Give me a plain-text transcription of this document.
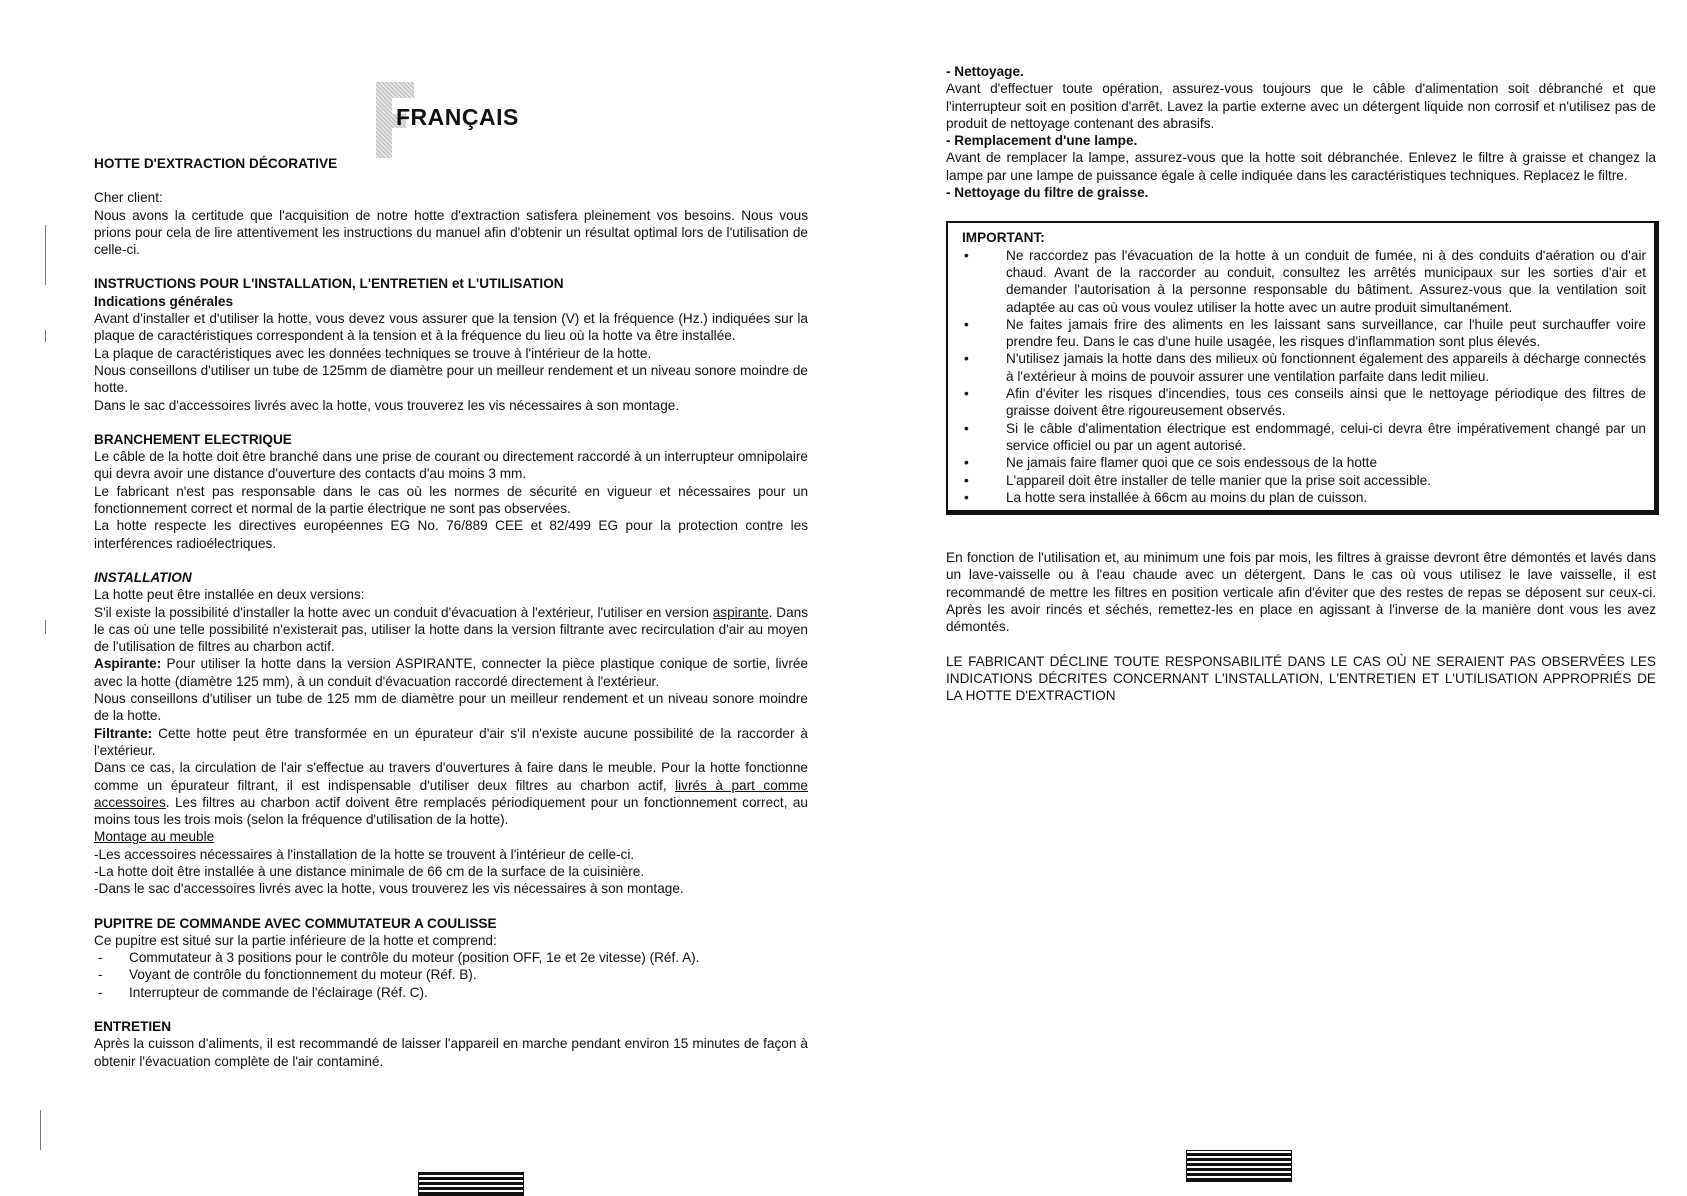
FRANÇAIS

HOTTE D'EXTRACTION DÉCORATIVE

Cher client:

Nous avons la certitude que l'acquisition de notre hotte d'extraction satisfera pleinement vos besoins. Nous vous prions pour cela de lire attentivement les instructions du manuel afin d'obtenir un résultat optimal lors de l'utilisation de celle-ci.

INSTRUCTIONS POUR L'INSTALLATION, L'ENTRETIEN et L'UTILISATION

Indications générales

Avant d'installer et d'utiliser la hotte, vous devez vous assurer que la tension (V) et la fréquence (Hz.) indiquées sur la plaque de caractéristiques correspondent à la tension et à la fréquence du lieu où la hotte va être installée.

La plaque de caractéristiques avec les données techniques se trouve à l'intérieur de la hotte.

Nous conseillons d'utiliser un tube de 125mm de diamètre pour un meilleur rendement et un niveau sonore moindre de hotte.

Dans le sac d'accessoires livrés avec la hotte, vous trouverez les vis nécessaires à son montage.

BRANCHEMENT ELECTRIQUE

Le câble de la hotte doit être branché dans une prise de courant ou directement raccordé à un interrupteur omnipolaire qui devra avoir une distance d'ouverture des contacts d'au moins 3 mm.

Le fabricant n'est pas responsable dans le cas où les normes de sécurité en vigueur et nécessaires pour un fonctionnement correct et normal de la partie électrique ne sont pas observées.

La hotte respecte les directives européennes EG No. 76/889 CEE et 82/499 EG pour la protection contre les interférences radioélectriques.

INSTALLATION

La hotte peut être installée en deux versions:

S'il existe la possibilité d'installer la hotte avec un conduit d'évacuation à l'extérieur, l'utiliser en version aspirante. Dans le cas où une telle possibilité n'existerait pas, utiliser la hotte dans la version filtrante avec recirculation d'air au moyen de l'utilisation de filtres au charbon actif.

Aspirante: Pour utiliser la hotte dans la version ASPIRANTE, connecter la pièce plastique conique de sortie, livrée avec la hotte (diamètre 125 mm), à un conduit d'évacuation raccordé directement à l'extérieur.

Nous conseillons d'utiliser un tube de 125 mm de diamètre pour un meilleur rendement et un niveau sonore moindre de la hotte.

Filtrante: Cette hotte peut être transformée en un épurateur d'air s'il n'existe aucune possibilité de la raccorder à l'extérieur.

Dans ce cas, la circulation de l'air s'effectue au travers d'ouvertures à faire dans le meuble. Pour la hotte fonctionne comme un épurateur filtrant, il est indispensable d'utiliser deux filtres au charbon actif, livrés à part comme accessoires. Les filtres au charbon actif doivent être remplacés périodiquement pour un fonctionnement correct, au moins tous les trois mois (selon la fréquence d'utilisation de la hotte).

Montage au meuble

-Les accessoires nécessaires à l'installation de la hotte se trouvent à l'intérieur de celle-ci.

-La hotte doit être installée à une distance minimale de 66 cm de la surface de la cuisinière.

-Dans le sac d'accessoires livrés avec la hotte, vous trouverez les vis nécessaires à son montage.

PUPITRE DE COMMANDE AVEC COMMUTATEUR A COULISSE

Ce pupitre est situé sur la partie inférieure de la hotte et comprend:

- Commutateur à 3 positions pour le contrôle du moteur (position OFF, 1e et 2e vitesse) (Réf. A).
- Voyant de contrôle du fonctionnement du moteur (Réf. B).
- Interrupteur de commande de l'éclairage (Réf. C).

ENTRETIEN

Après la cuisson d'aliments, il est recommandé de laisser l'appareil en marche pendant environ 15 minutes de façon à obtenir l'évacuation complète de l'air contaminé.

- Nettoyage.

Avant d'effectuer toute opération, assurez-vous toujours que le câble d'alimentation soit débranché et que l'interrupteur soit en position d'arrêt. Lavez la partie externe avec un détergent liquide non corrosif et n'utilisez pas de produit de nettoyage contenant des abrasifs.

- Remplacement d'une lampe.

Avant de remplacer la lampe, assurez-vous que la hotte soit débranchée. Enlevez le filtre à graisse et changez la lampe par une lampe de puissance égale à celle indiquée dans les caractéristiques techniques. Replacez le filtre.

- Nettoyage du filtre de graisse.

IMPORTANT:

• Ne raccordez pas l'évacuation de la hotte à un conduit de fumée, ni à des conduits d'aération ou d'air chaud. Avant de la raccorder au conduit, consultez les arrêtés municipaux sur les sorties d'air et demander l'autorisation à la personne responsable du bâtiment. Assurez-vous que la ventilation soit adaptée au cas où vous voulez utiliser la hotte avec un autre produit simultanément.
• Ne faites jamais frire des aliments en les laissant sans surveillance, car l'huile peut surchauffer voire prendre feu. Dans le cas d'une huile usagée, les risques d'inflammation sont plus élevés.
• N'utilisez jamais la hotte dans des milieux où fonctionnent également des appareils à décharge connectés à l'extérieur à moins de pouvoir assurer une ventilation parfaite dans ledit milieu.
• Afin d'éviter les risques d'incendies, tous ces conseils ainsi que le nettoyage périodique des filtres de graisse doivent être rigoureusement observés.
• Si le câble d'alimentation électrique est endommagé, celui-ci devra être impérativement changé par un service officiel ou par un agent autorisé.
• Ne jamais faire flamer quoi que ce sois endessous de la hotte
• L'appareil doit être installer de telle manier que la prise soit accessible.
• La hotte sera installée à 66cm au moins du plan de cuisson.

En fonction de l'utilisation et, au minimum une fois par mois, les filtres à graisse devront être démontés et lavés dans un lave-vaisselle ou à l'eau chaude avec un détergent. Dans le cas où vous utilisez le lave vaisselle, il est recommandé de mettre les filtres en position verticale afin d'éviter que des restes de repas se déposent sur ceux-ci. Après les avoir rincés et séchés, remettez-les en place en agissant à l'inverse de la manière dont vous les avez démontés.

LE FABRICANT DÉCLINE TOUTE RESPONSABILITÉ DANS LE CAS OÙ NE SERAIENT PAS OBSERVÉES LES INDICATIONS DÉCRITES CONCERNANT L'INSTALLATION, L'ENTRETIEN ET L'UTILISATION APPROPRIÉS DE LA HOTTE D'EXTRACTION
